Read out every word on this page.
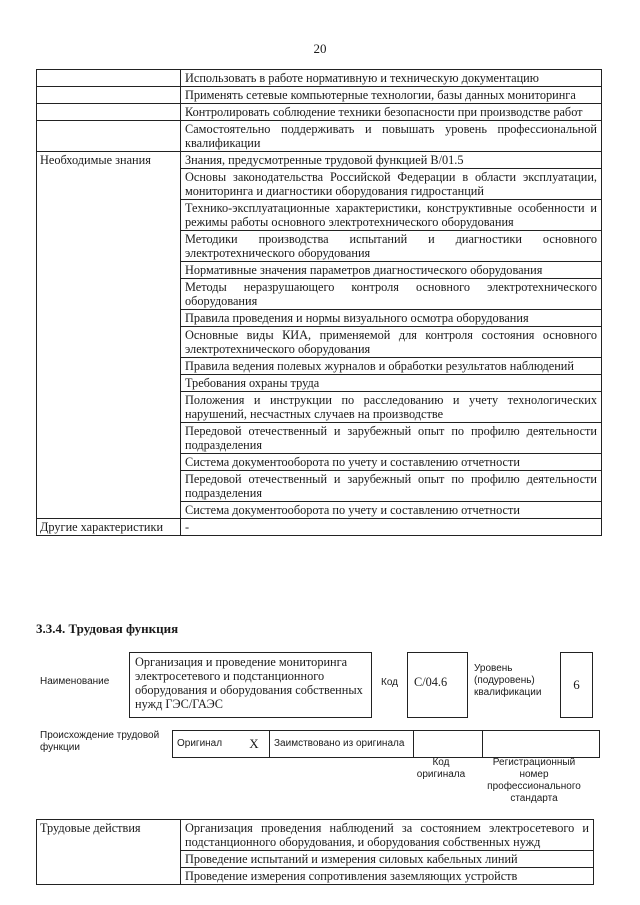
20
	Использовать в работе нормативную и техническую документацию
	Применять сетевые компьютерные технологии, базы данных мониторинга
	Контролировать соблюдение техники безопасности при производстве работ
	Самостоятельно поддерживать и повышать уровень профессиональной квалификации
Необходимые знания	Знания, предусмотренные трудовой функцией В/01.5
	Основы законодательства Российской Федерации в области эксплуатации, мониторинга и диагностики оборудования гидростанций
	Технико-эксплуатационные характеристики, конструктивные особенности и режимы работы основного электротехнического оборудования
	Методики производства испытаний и диагностики основного электротехнического оборудования
	Нормативные значения параметров диагностического оборудования
	Методы неразрушающего контроля основного электротехнического оборудования
	Правила проведения и нормы визуального осмотра оборудования
	Основные виды КИА, применяемой для контроля состояния основного электротехнического оборудования
	Правила ведения полевых журналов и обработки результатов наблюдений
	Требования охраны труда
	Положения и инструкции по расследованию и учету технологических нарушений, несчастных случаев на производстве
	Передовой отечественный и зарубежный опыт по профилю деятельности подразделения
	Система документооборота по учету и составлению отчетности
	Передовой отечественный и зарубежный опыт по профилю деятельности подразделения
	Система документооборота по учету и составлению отчетности
Другие характеристики	-
3.3.4. Трудовая функция
Наименование
Организация и проведение мониторинга электросетевого и подстанционного оборудования и оборудования собственных нужд ГЭС/ГАЭС
Код	С/04.6
Уровень (подуровень) квалификации
6
Происхождение трудовой функции	Оригинал	X	Заимствовано из оригинала		
Код оригинала
Регистрационный номер профессионального стандарта
Трудовые действия	Организация проведения наблюдений за состоянием электросетевого и подстанционного оборудования, и оборудования собственных нужд
Проведение испытаний и измерения силовых кабельных линий
Проведение измерения сопротивления заземляющих устройств
